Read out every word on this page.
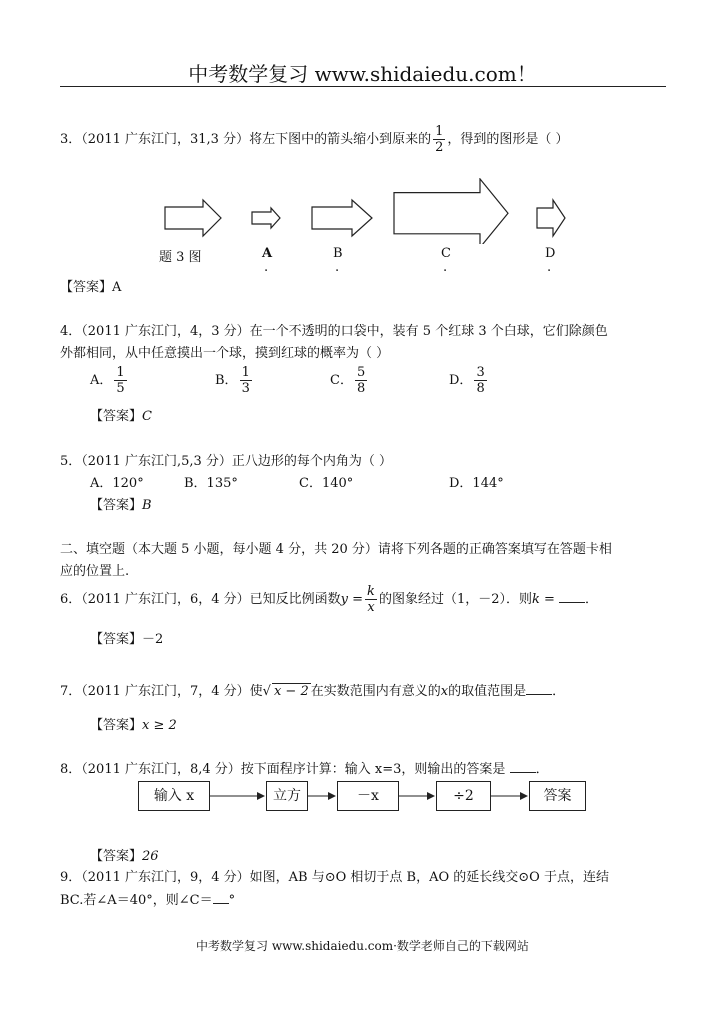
中考数学复习 www.shidaiedu.com！
3．（2011 广东江门，31,3 分）将左下图中的箭头缩小到原来的 $\frac{1}{2}$ ，得到的图形是（ ）
题 3 图	A	B	C	D
.	.	.	.
【答案】A
4．（2011 广东江门，4，3 分）在一个不透明的口袋中，装有 5 个红球 3 个白球，它们除颜色
外都相同，从中任意摸出一个球，摸到红球的概率为（ ）
A． $\frac{1}{5}$	B． $\frac{1}{3}$	C． $\frac{5}{8}$	D． $\frac{3}{8}$
【答案】C
5．（2011 广东江门,5,3 分）正八边形的每个内角为（ ）
A．120°	B．135°	C．140°	D．144°
【答案】B
二、填空题（本大题 5 小题，每小题 4 分，共 20 分）请将下列各题的正确答案填写在答题卡相
应的位置上.
6．（2011 广东江门，6，4 分）已知反比例函数$y = \frac{k}{x}$ 的图象经过（1，－2）．则k = ．
【答案】－2
7．（2011 广东江门，7，4 分）使√ x − 2 在实数范围内有意义的x的取值范围是 ．
【答案】x ≥ 2
8．（2011 广东江门，8,4 分）按下面程序计算：输入 x=3，则输出的答案是 ．
输入 x	立方	－x	÷2	答案
【答案】26
9．（2011 广东江门，9，4 分）如图，AB 与⊙O 相切于点 B，AO 的延长线交⊙O 于点，连结
BC.若∠A＝40°，则∠C＝ °
中考数学复习 www.shidaiedu.com·数学老师自己的下载网站
